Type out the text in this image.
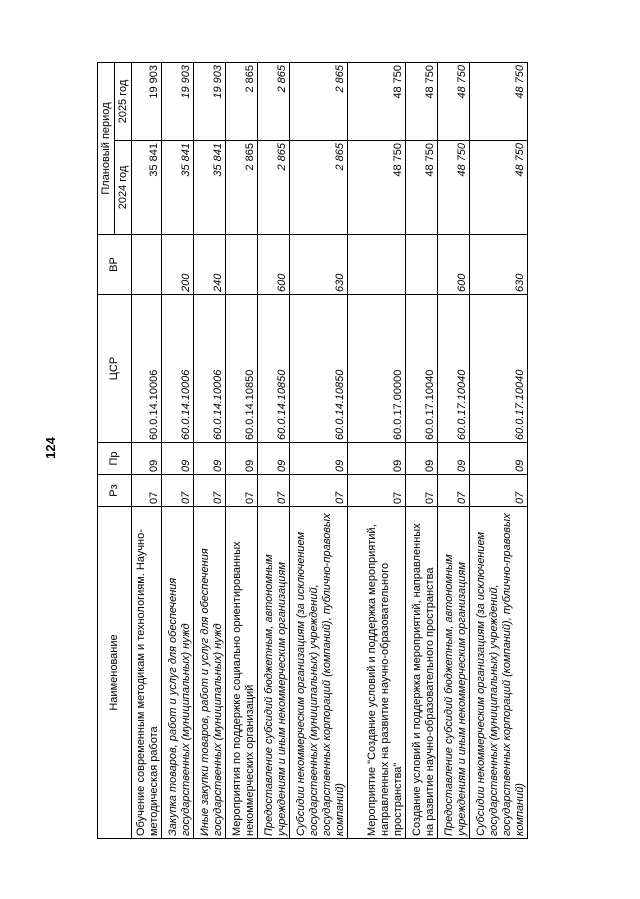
124
Наименование	Рз	Пр	ЦСР	ВР	Плановый период	
					2024 год	2025 год
Обучение современным методикам и технологиям. Научно-методическая работа	07	09	60.0.14.10006		35 841	19 903
Закупка товаров, работ и услуг для обеспечения государственных (муниципальных) нужд	07	09	60.0.14.10006	200	35 841	19 903
Иные закупки товаров, работ и услуг для обеспечения государственных (муниципальных) нужд	07	09	60.0.14.10006	240	35 841	19 903
Мероприятия по поддержке социально ориентированных некоммерческих организаций	07	09	60.0.14.10850		2 865	2 865
Предоставление субсидий бюджетным, автономным учреждениям и иным некоммерческим организациям	07	09	60.0.14.10850	600	2 865	2 865
Субсидии некоммерческим организациям (за исключением государственных (муниципальных) учреждений, государственных корпораций (компаний), публично-правовых компаний)	07	09	60.0.14.10850	630	2 865	2 865
Мероприятие "Создание условий и поддержка мероприятий, направленных на развитие научно-образовательного пространства"	07	09	60.0.17.00000		48 750	48 750
Создание условий и поддержка мероприятий, направленных на развитие научно-образовательного пространства	07	09	60.0.17.10040		48 750	48 750
Предоставление субсидий бюджетным, автономным учреждениям и иным некоммерческим организациям	07	09	60.0.17.10040	600	48 750	48 750
Субсидии некоммерческим организациям (за исключением государственных (муниципальных) учреждений, государственных корпораций (компаний), публично-правовых компаний)	07	09	60.0.17.10040	630	48 750	48 750
